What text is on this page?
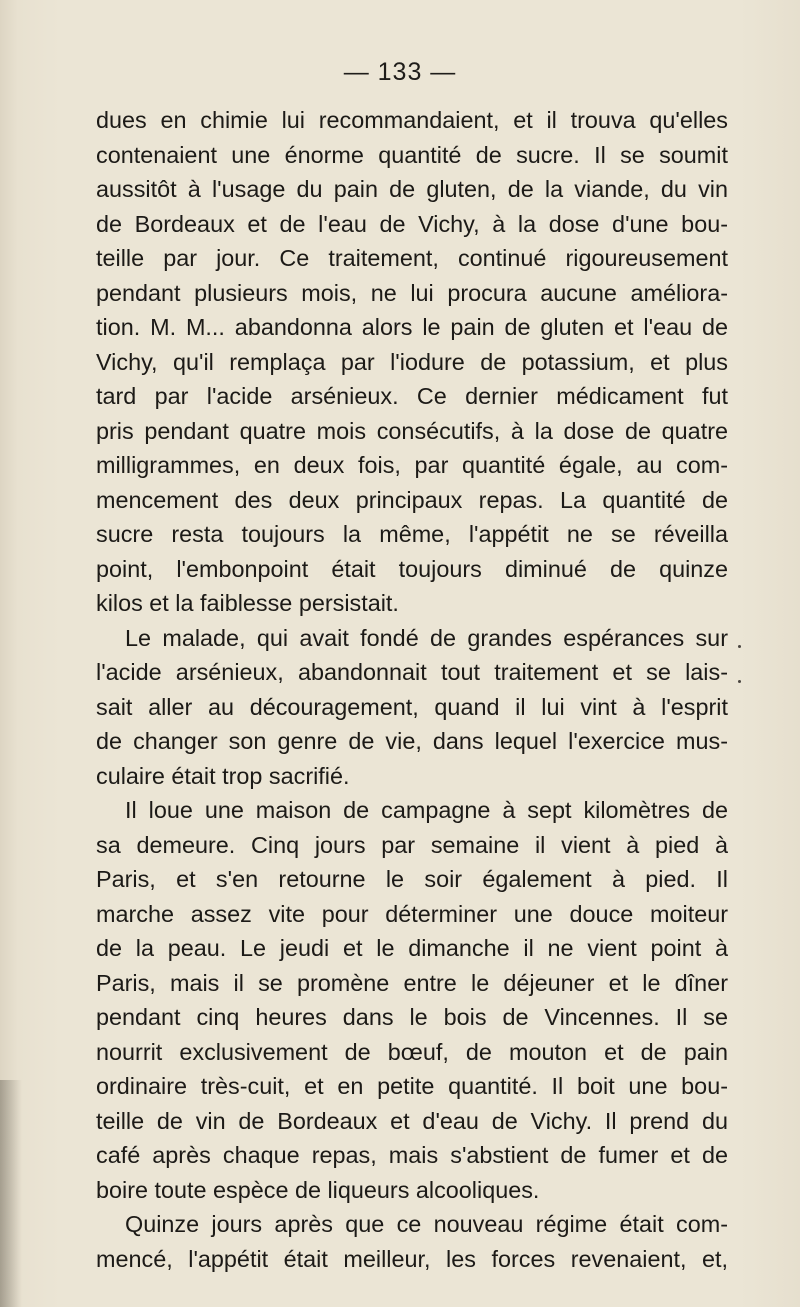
— 133 —
dues en chimie lui recommandaient, et il trouva qu'elles
contenaient une énorme quantité de sucre. Il se soumit
aussitôt à l'usage du pain de gluten, de la viande, du vin
de Bordeaux et de l'eau de Vichy, à la dose d'une bou-
teille par jour. Ce traitement, continué rigoureusement
pendant plusieurs mois, ne lui procura aucune améliora-
tion. M. M... abandonna alors le pain de gluten et l'eau de
Vichy, qu'il remplaça par l'iodure de potassium, et plus
tard par l'acide arsénieux. Ce dernier médicament fut
pris pendant quatre mois consécutifs, à la dose de quatre
milligrammes, en deux fois, par quantité égale, au com-
mencement des deux principaux repas. La quantité de
sucre resta toujours la même, l'appétit ne se réveilla
point, l'embonpoint était toujours diminué de quinze
kilos et la faiblesse persistait.
Le malade, qui avait fondé de grandes espérances sur
l'acide arsénieux, abandonnait tout traitement et se lais-
sait aller au découragement, quand il lui vint à l'esprit
de changer son genre de vie, dans lequel l'exercice mus-
culaire était trop sacrifié.
Il loue une maison de campagne à sept kilomètres de
sa demeure. Cinq jours par semaine il vient à pied à
Paris, et s'en retourne le soir également à pied. Il
marche assez vite pour déterminer une douce moiteur
de la peau. Le jeudi et le dimanche il ne vient point à
Paris, mais il se promène entre le déjeuner et le dîner
pendant cinq heures dans le bois de Vincennes. Il se
nourrit exclusivement de bœuf, de mouton et de pain
ordinaire très-cuit, et en petite quantité. Il boit une bou-
teille de vin de Bordeaux et d'eau de Vichy. Il prend du
café après chaque repas, mais s'abstient de fumer et de
boire toute espèce de liqueurs alcooliques.
Quinze jours après que ce nouveau régime était com-
mencé, l'appétit était meilleur, les forces revenaient, et,
